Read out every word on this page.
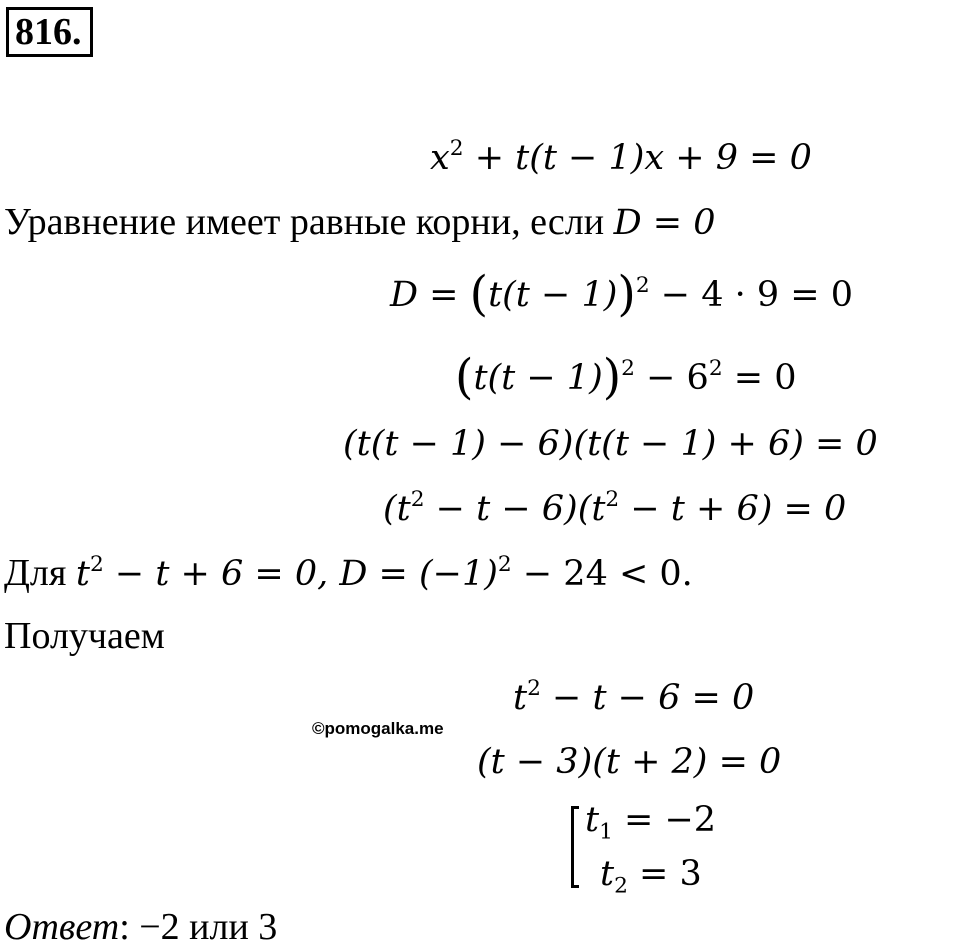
816.
$x^2 + t(t - 1)x + 9 = 0$
Уравнение имеет равные корни, если D = 0
$D = (t(t - 1))^2 - 4 \cdot 9 = 0$
$(t(t - 1))^2 - 6^2 = 0$
(t(t − 1) − 6)(t(t − 1) + 6) = 0
$(t^2 - t - 6)(t^2 - t + 6) = 0$
Для $t^2 - t + 6 = 0$, $D = (-1)^2 - 24 < 0$.
Получаем
$t^2 - t - 6 = 0$
©pomogalka.me
(t − 3)(t + 2) = 0
$t_1 = -2$
$t_2 = 3$
Ответ: −2 или 3
